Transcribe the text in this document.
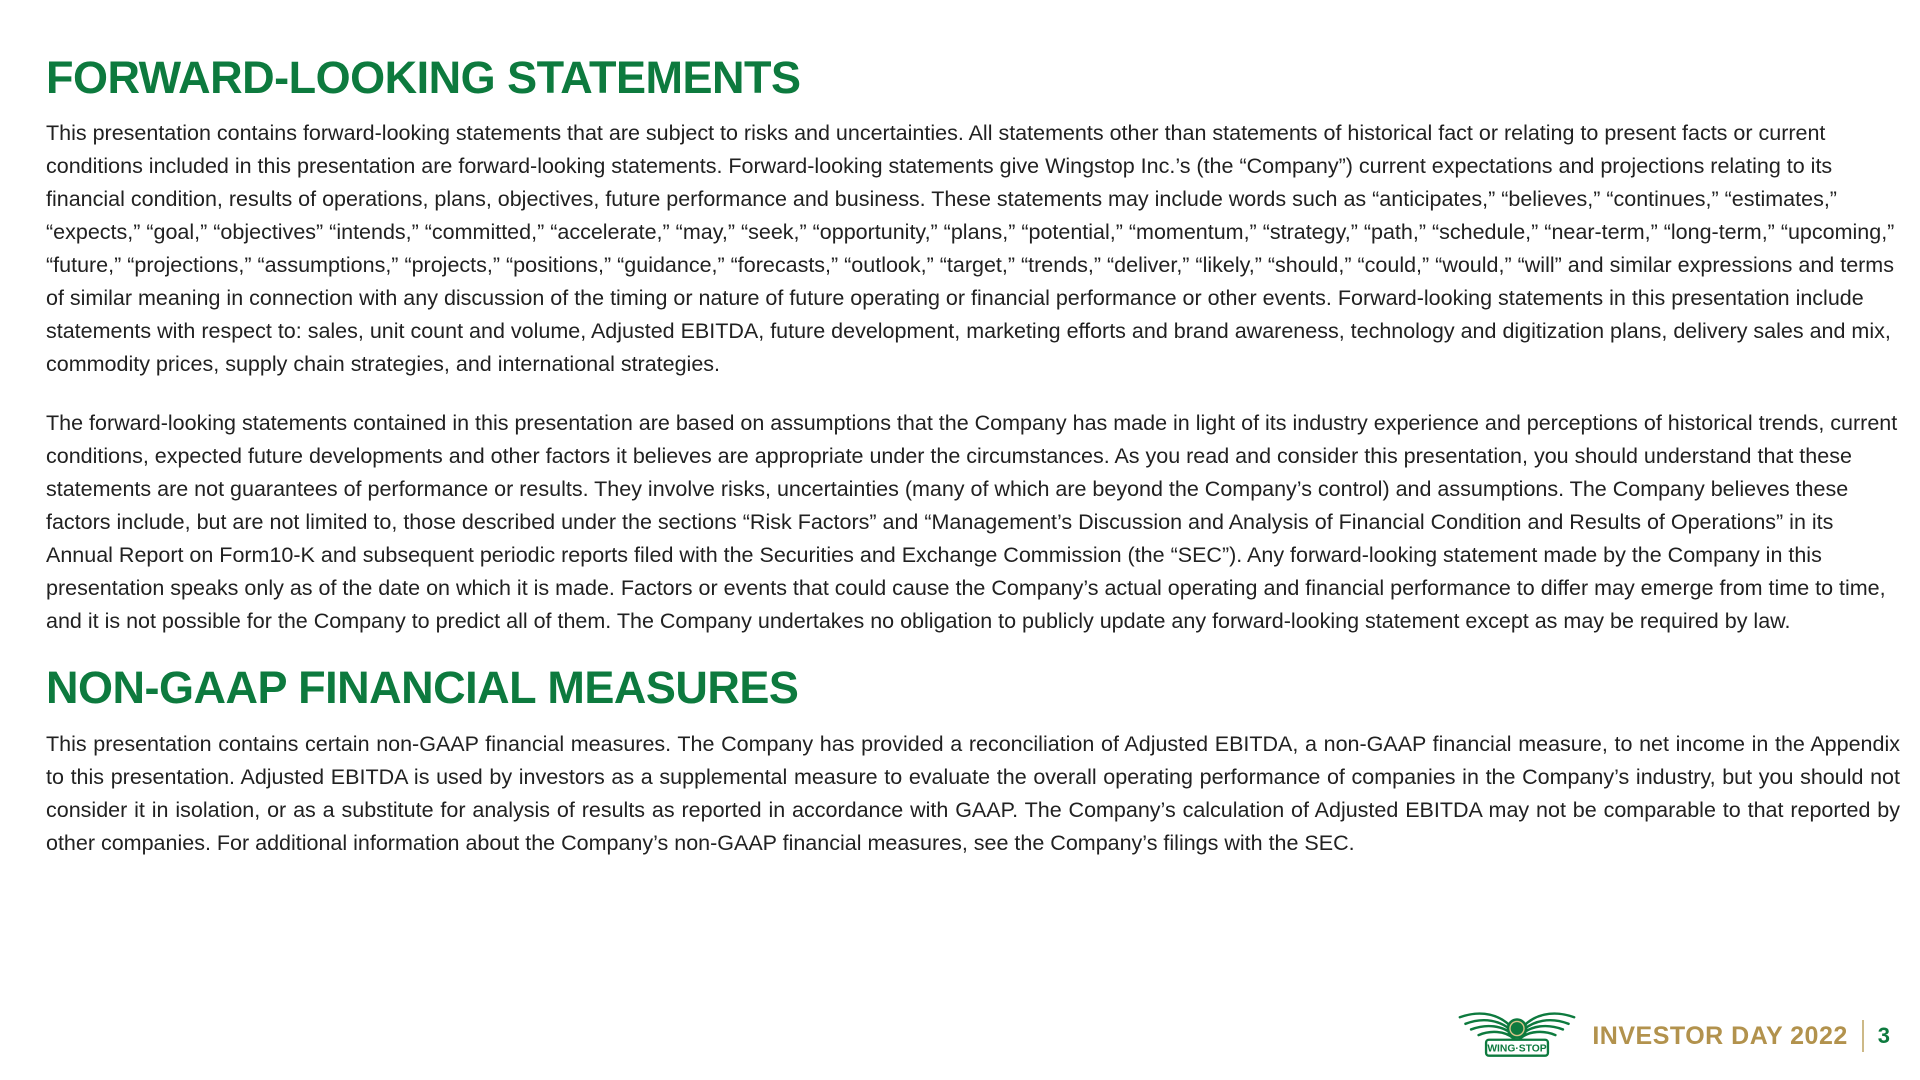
FORWARD-LOOKING STATEMENTS

This presentation contains forward-looking statements that are subject to risks and uncertainties. All statements other than statements of historical fact or relating to present facts or current conditions included in this presentation are forward-looking statements. Forward-looking statements give Wingstop Inc.’s (the “Company”) current expectations and projections relating to its financial condition, results of operations, plans, objectives, future performance and business. These statements may include words such as “anticipates,” “believes,” “continues,” “estimates,” “expects,” “goal,” “objectives” “intends,” “committed,” “accelerate,” “may,” “seek,” “opportunity,” “plans,” “potential,” “momentum,” “strategy,” “path,” “schedule,” “near-term,” “long-term,” “upcoming,” “future,” “projections,” “assumptions,” “projects,” “positions,” “guidance,” “forecasts,” “outlook,” “target,” “trends,” “deliver,” “likely,” “should,” “could,” “would,” “will” and similar expressions and terms of similar meaning in connection with any discussion of the timing or nature of future operating or financial performance or other events. Forward-looking statements in this presentation include statements with respect to: sales, unit count and volume, Adjusted EBITDA, future development, marketing efforts and brand awareness, technology and digitization plans, delivery sales and mix, commodity prices, supply chain strategies, and international strategies.

The forward-looking statements contained in this presentation are based on assumptions that the Company has made in light of its industry experience and perceptions of historical trends, current conditions, expected future developments and other factors it believes are appropriate under the circumstances. As you read and consider this presentation, you should understand that these statements are not guarantees of performance or results. They involve risks, uncertainties (many of which are beyond the Company’s control) and assumptions. The Company believes these factors include, but are not limited to, those described under the sections “Risk Factors” and “Management’s Discussion and Analysis of Financial Condition and Results of Operations” in its Annual Report on Form10-K and subsequent periodic reports filed with the Securities and Exchange Commission (the “SEC”). Any forward-looking statement made by the Company in this presentation speaks only as of the date on which it is made. Factors or events that could cause the Company’s actual operating and financial performance to differ may emerge from time to time, and it is not possible for the Company to predict all of them. The Company undertakes no obligation to publicly update any forward-looking statement except as may be required by law.

NON-GAAP FINANCIAL MEASURES

This presentation contains certain non-GAAP financial measures. The Company has provided a reconciliation of Adjusted EBITDA, a non-GAAP financial measure, to net income in the Appendix to this presentation. Adjusted EBITDA is used by investors as a supplemental measure to evaluate the overall operating performance of companies in the Company’s industry, but you should not consider it in isolation, or as a substitute for analysis of results as reported in accordance with GAAP. The Company’s calculation of Adjusted EBITDA may not be comparable to that reported by other companies. For additional information about the Company’s non-GAAP financial measures, see the Company’s filings with the SEC.

WING·STOP INVESTOR DAY 2022 3
